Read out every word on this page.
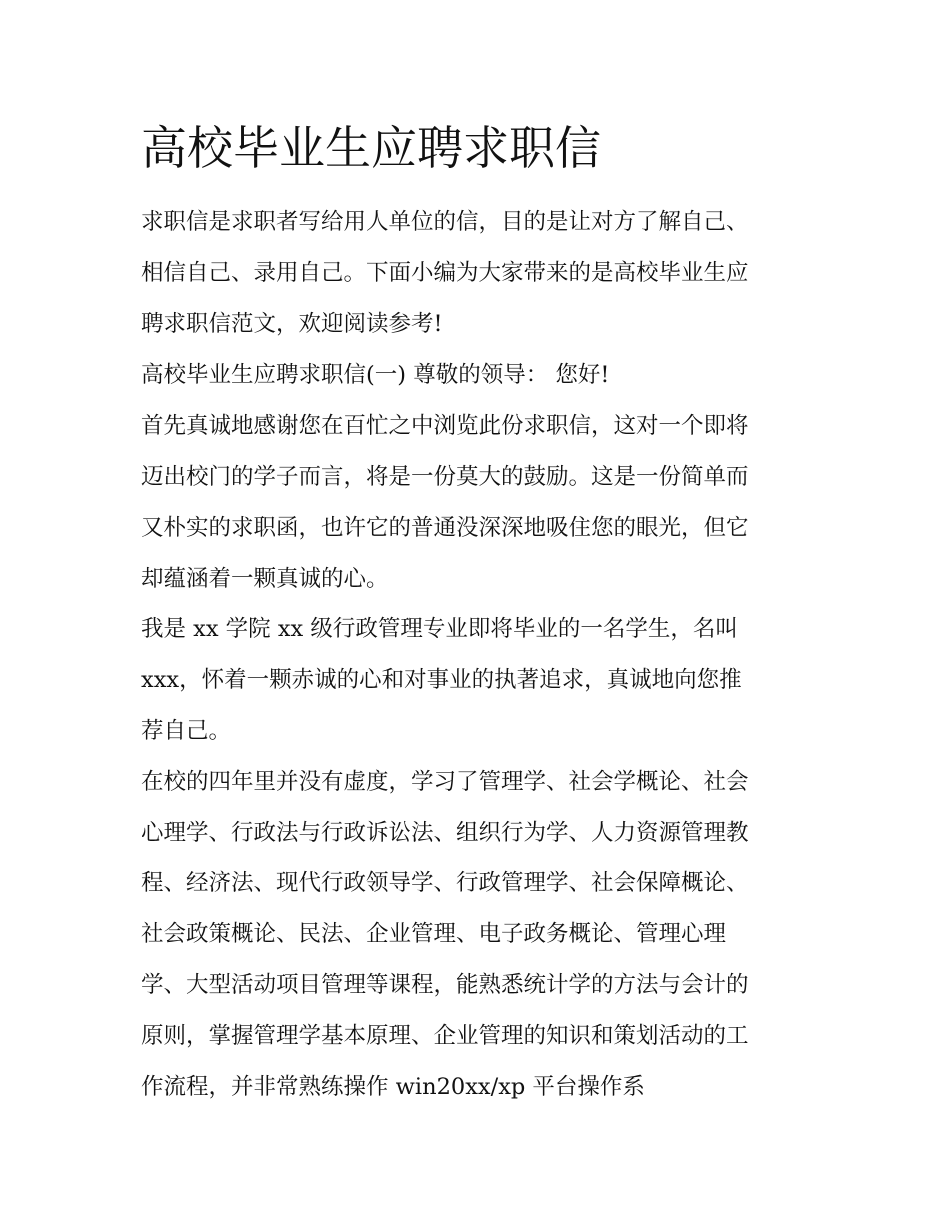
高校毕业生应聘求职信

求职信是求职者写给用人单位的信，目的是让对方了解自己、

相信自己、录用自己。下面小编为大家带来的是高校毕业生应

聘求职信范文，欢迎阅读参考!

高校毕业生应聘求职信(一) 尊敬的领导： 您好!

首先真诚地感谢您在百忙之中浏览此份求职信，这对一个即将

迈出校门的学子而言，将是一份莫大的鼓励。这是一份简单而

又朴实的求职函，也许它的普通没深深地吸住您的眼光，但它

却蕴涵着一颗真诚的心。

我是 xx 学院 xx 级行政管理专业即将毕业的一名学生，名叫

xxx，怀着一颗赤诚的心和对事业的执著追求，真诚地向您推

荐自己。

在校的四年里并没有虚度，学习了管理学、社会学概论、社会

心理学、行政法与行政诉讼法、组织行为学、人力资源管理教

程、经济法、现代行政领导学、行政管理学、社会保障概论、

社会政策概论、民法、企业管理、电子政务概论、管理心理

学、大型活动项目管理等课程，能熟悉统计学的方法与会计的

原则，掌握管理学基本原理、企业管理的知识和策划活动的工

作流程，并非常熟练操作 win20xx/xp 平台操作系
